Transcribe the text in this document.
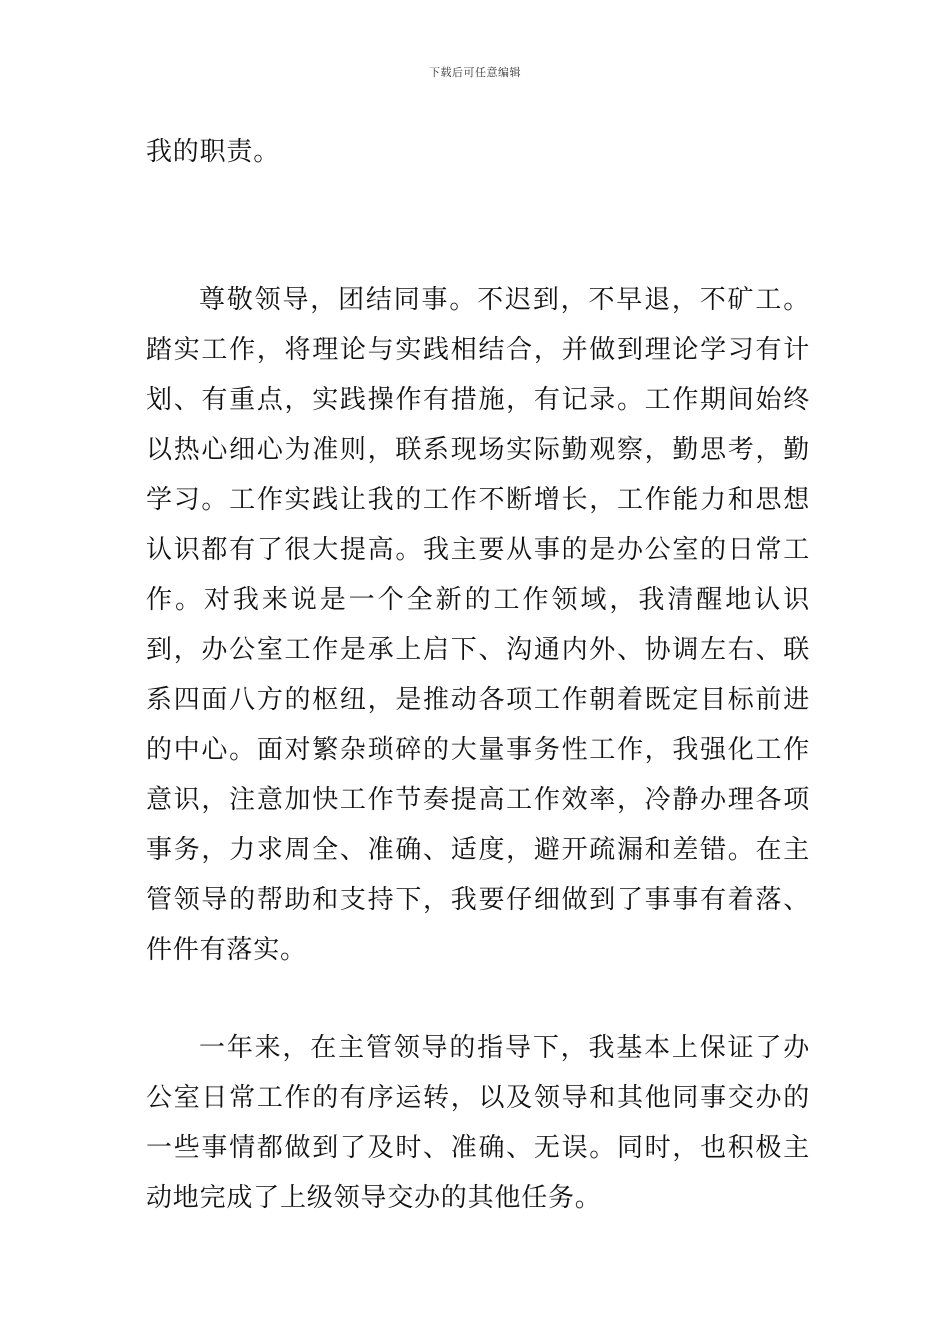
下载后可任意编辑

我的职责。

尊敬领导，团结同事。不迟到，不早退，不矿工。踏实工作，将理论与实践相结合，并做到理论学习有计划、有重点，实践操作有措施，有记录。工作期间始终以热心细心为准则，联系现场实际勤观察，勤思考，勤学习。工作实践让我的工作不断增长，工作能力和思想认识都有了很大提高。我主要从事的是办公室的日常工作。对我来说是一个全新的工作领域，我清醒地认识到，办公室工作是承上启下、沟通内外、协调左右、联系四面八方的枢纽，是推动各项工作朝着既定目标前进的中心。面对繁杂琐碎的大量事务性工作，我强化工作意识，注意加快工作节奏提高工作效率，冷静办理各项事务，力求周全、准确、适度，避开疏漏和差错。在主管领导的帮助和支持下，我要仔细做到了事事有着落、件件有落实。

一年来，在主管领导的指导下，我基本上保证了办公室日常工作的有序运转，以及领导和其他同事交办的一些事情都做到了及时、准确、无误。同时，也积极主动地完成了上级领导交办的其他任务。
